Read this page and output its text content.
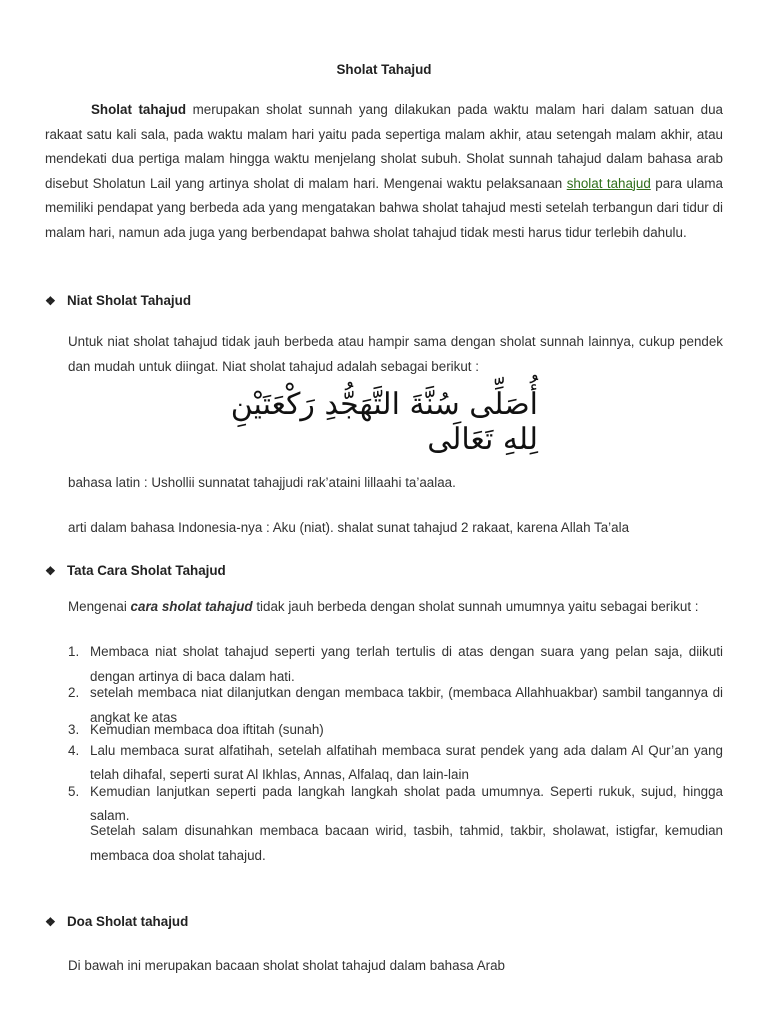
Sholat Tahajud

Sholat tahajud merupakan sholat sunnah yang dilakukan pada waktu malam hari dalam satuan dua rakaat satu kali sala, pada waktu malam hari yaitu pada sepertiga malam akhir, atau setengah malam akhir, atau mendekati dua pertiga malam hingga waktu menjelang sholat subuh. Sholat sunnah tahajud dalam bahasa arab disebut Sholatun Lail yang artinya sholat di malam hari. Mengenai waktu pelaksanaan sholat tahajud para ulama memiliki pendapat yang berbeda ada yang mengatakan bahwa sholat tahajud mesti setelah terbangun dari tidur di malam hari, namun ada juga yang berbendapat bahwa sholat tahajud tidak mesti harus tidur terlebih dahulu.

❖ Niat Sholat Tahajud

Untuk niat sholat tahajud tidak jauh berbeda atau hampir sama dengan sholat sunnah lainnya, cukup pendek dan mudah untuk diingat. Niat sholat tahajud adalah sebagai berikut :

أُصَلِّى سُنَّةَ التَّهَجُّدِ رَكْعَتَيْنِ لِلهِ تَعَالَى

bahasa latin : Ushollii sunnatat tahajjudi rak’ataini lillaahi ta’aalaa.

arti dalam bahasa Indonesia-nya : Aku (niat). shalat sunat tahajud 2 rakaat, karena Allah Ta’ala

❖ Tata Cara Sholat Tahajud

Mengenai cara sholat tahajud tidak jauh berbeda dengan sholat sunnah umumnya yaitu sebagai berikut :

1. Membaca niat sholat tahajud seperti yang terlah tertulis di atas dengan suara yang pelan saja, diikuti dengan artinya di baca dalam hati.
2. setelah membaca niat dilanjutkan dengan membaca takbir, (membaca Allahhuakbar) sambil tangannya di angkat ke atas
3. Kemudian membaca doa iftitah (sunah)
4. Lalu membaca surat alfatihah, setelah alfatihah membaca surat pendek yang ada dalam Al Qur’an yang telah dihafal, seperti surat Al Ikhlas, Annas, Alfalaq, dan lain-lain
5. Kemudian lanjutkan seperti pada langkah langkah sholat pada umumnya. Seperti rukuk, sujud, hingga salam.

Setelah salam disunahkan membaca bacaan wirid, tasbih, tahmid, takbir, sholawat, istigfar, kemudian membaca doa sholat tahajud.

❖ Doa Sholat tahajud

Di bawah ini merupakan bacaan sholat sholat tahajud dalam bahasa Arab
